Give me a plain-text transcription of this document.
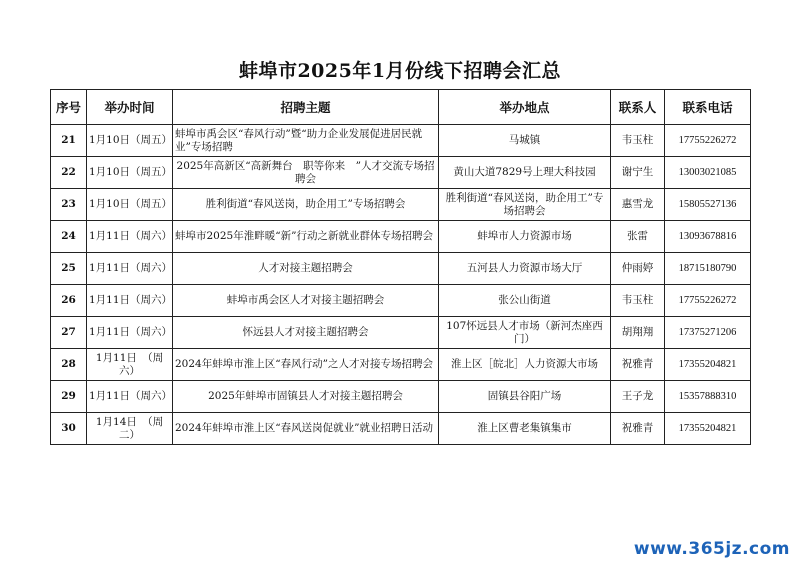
蚌埠市2025年1月份线下招聘会汇总
序号	举办时间	招聘主题	举办地点	联系人	联系电话
21	1月10日（周五）	蚌埠市禹会区“春风行动”暨“助力企业发展促进居民就业”专场招聘	马城镇	韦玉柱	17755226272
22	1月10日（周五）	2025年高新区“高新舞台　职等你来　”人才交流专场招聘会	黄山大道7829号上理大科技园	谢宁生	13003021085
23	1月10日（周五）	胜利街道“春风送岗，助企用工”专场招聘会	胜利街道“春风送岗，助企用工”专场招聘会	惠雪龙	15805527136
24	1月11日（周六）	蚌埠市2025年淮畔暖“新”行动之新就业群体专场招聘会	蚌埠市人力资源市场	张雷	13093678816
25	1月11日（周六）	人才对接主题招聘会	五河县人力资源市场大厅	仲雨婷	18715180790
26	1月11日（周六）	蚌埠市禹会区人才对接主题招聘会	张公山街道	韦玉柱	17755226272
27	1月11日（周六）	怀远县人才对接主题招聘会	107怀远县人才市场（新河杰座西门）	胡翔翔	17375271206
28	1月11日　（周六）	2024年蚌埠市淮上区“春风行动”之人才对接专场招聘会	淮上区［皖北］人力资源大市场	祝雅青	17355204821
29	1月11日（周六）	2025年蚌埠市固镇县人才对接主题招聘会	固镇县谷阳广场	王子龙	15357888310
30	1月14日　（周二）	2024年蚌埠市淮上区“春风送岗促就业”就业招聘日活动	淮上区曹老集镇集市	祝雅青	17355204821
www.365jz.com
